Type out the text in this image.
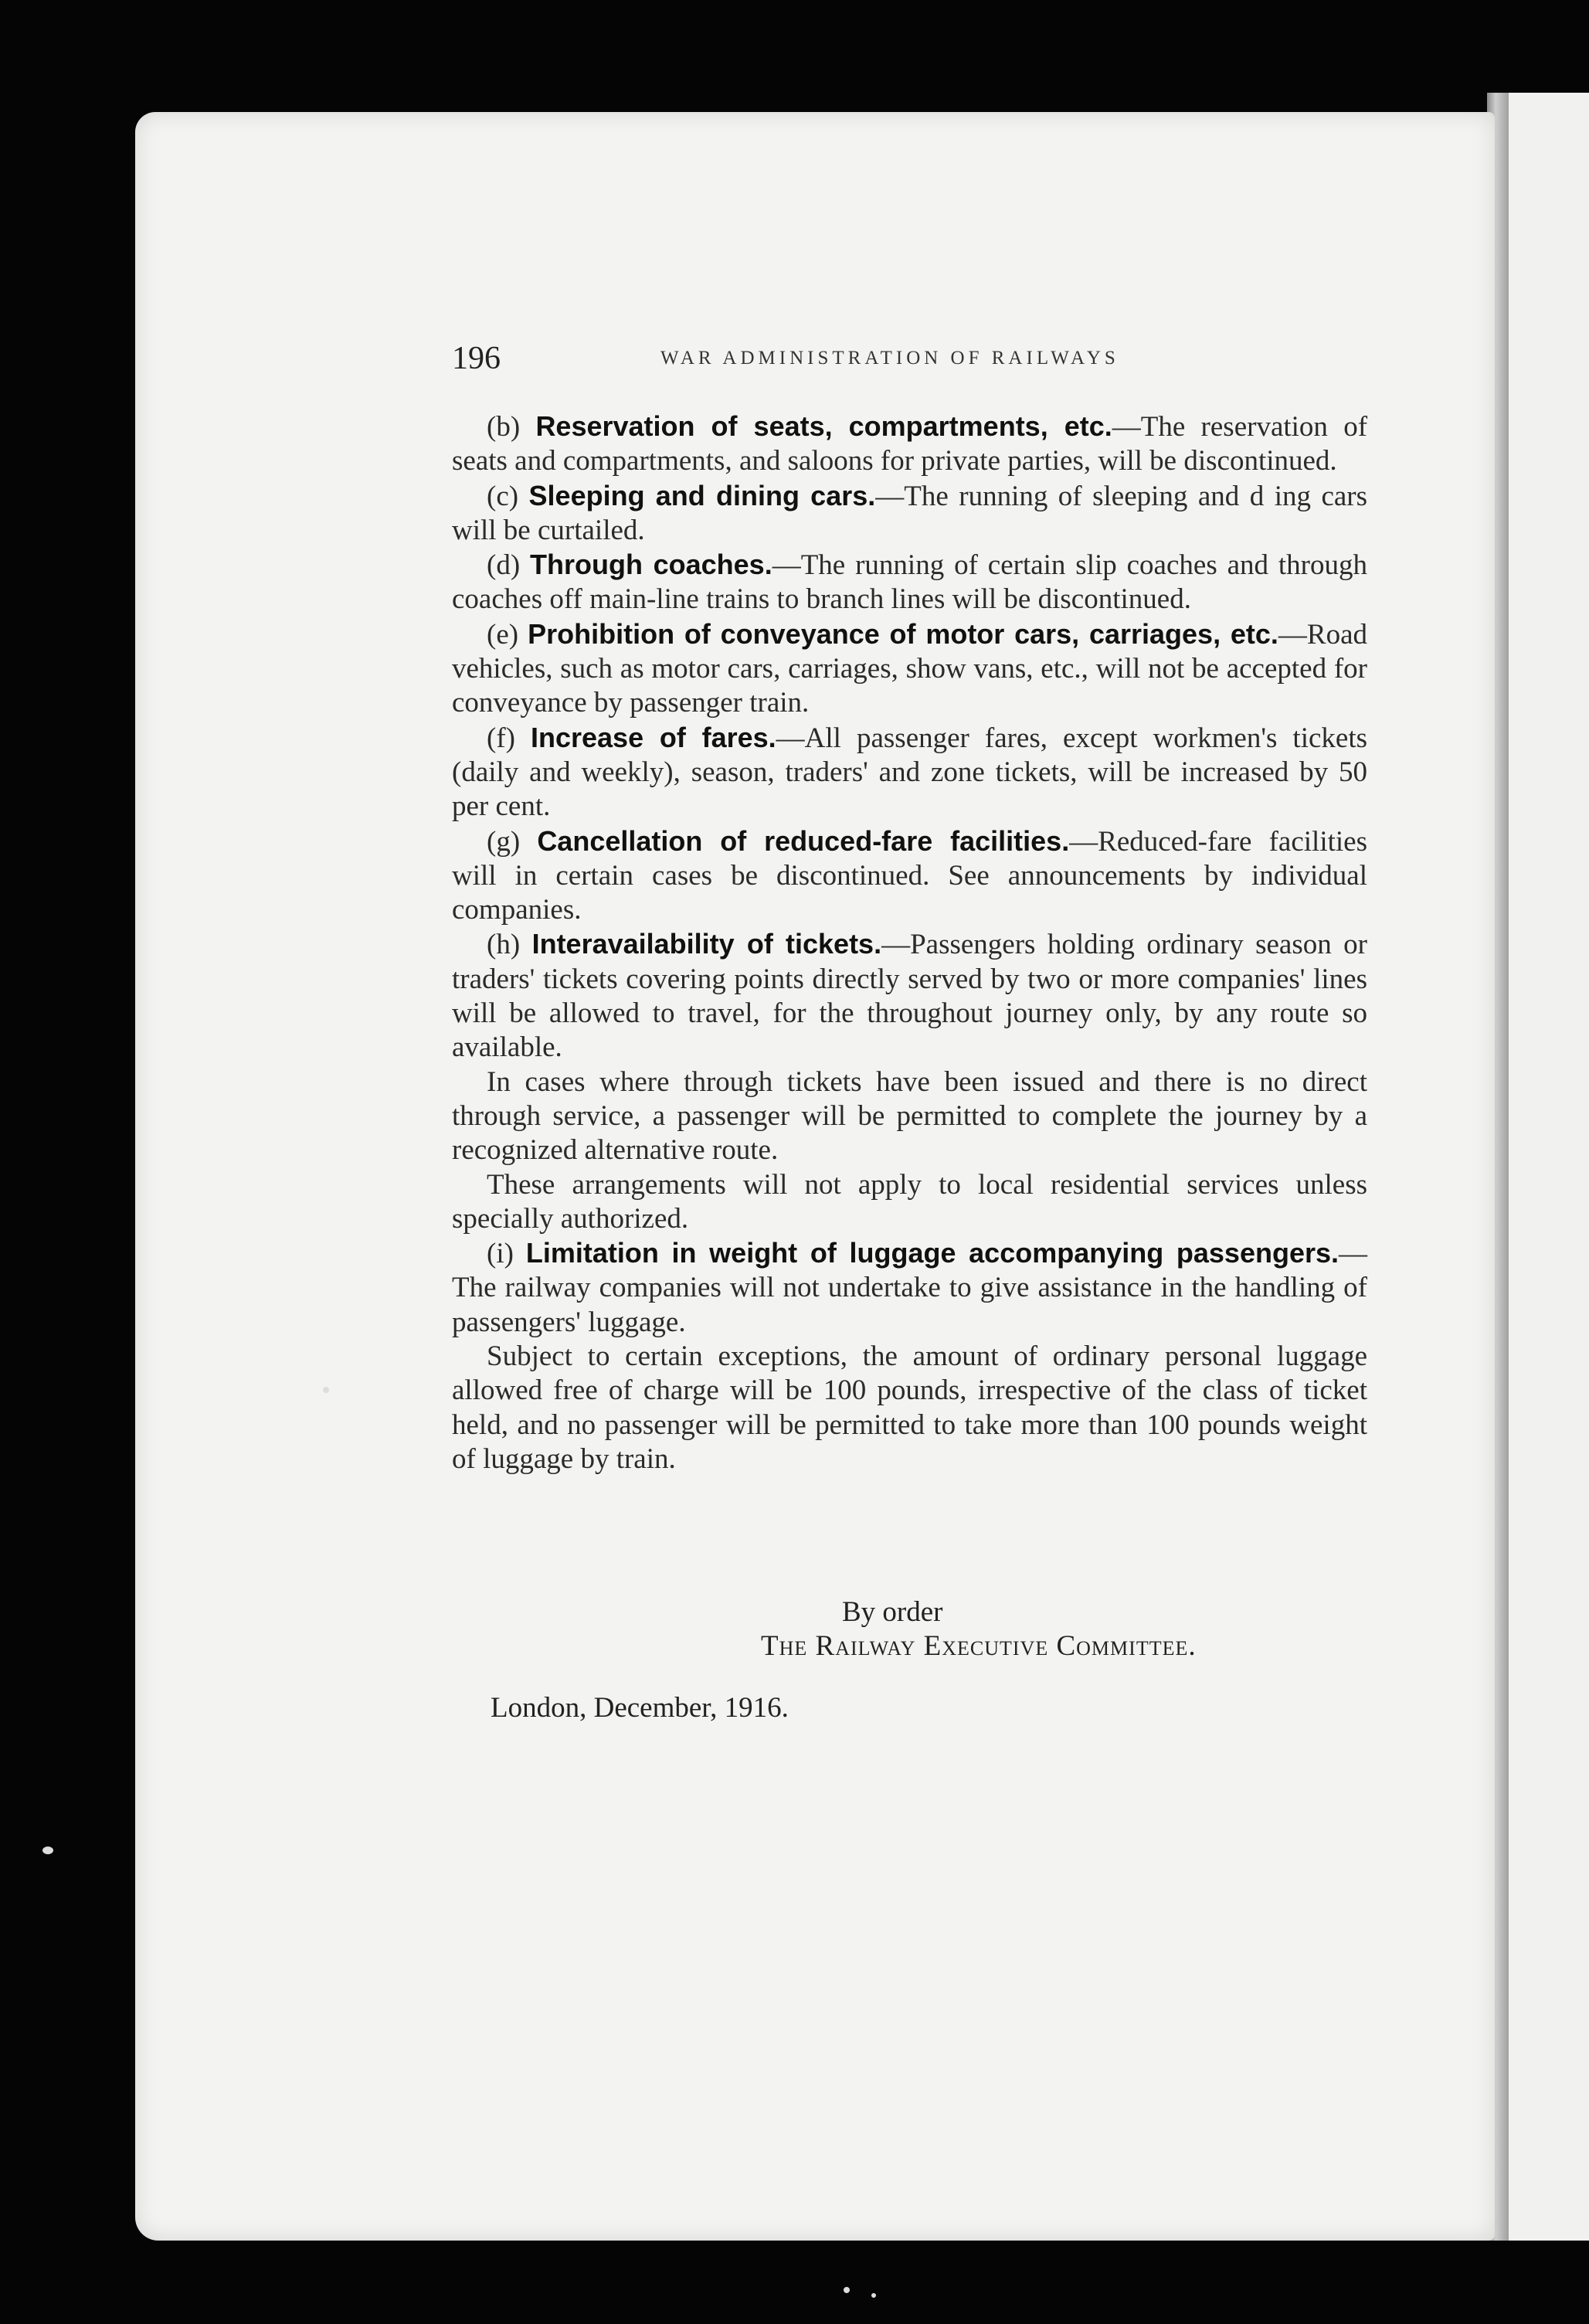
196	WAR ADMINISTRATION OF RAILWAYS

(b) Reservation of seats, compartments, etc.—The reservation of seats and compartments, and saloons for private parties, will be discontinued.

(c) Sleeping and dining cars.—The running of sleeping and d ing cars will be curtailed.

(d) Through coaches.—The running of certain slip coaches and through coaches off main-line trains to branch lines will be discontinued.

(e) Prohibition of conveyance of motor cars, carriages, etc.—Road vehicles, such as motor cars, carriages, show vans, etc., will not be accepted for conveyance by passenger train.

(f) Increase of fares.—All passenger fares, except workmen's tickets (daily and weekly), season, traders' and zone tickets, will be increased by 50 per cent.

(g) Cancellation of reduced-fare facilities.—Reduced-fare facilities will in certain cases be discontinued. See announcements by individual companies.

(h) Interavailability of tickets.—Passengers holding ordinary season or traders' tickets covering points directly served by two or more companies' lines will be allowed to travel, for the throughout journey only, by any route so available.

In cases where through tickets have been issued and there is no direct through service, a passenger will be permitted to complete the journey by a recognized alternative route.

These arrangements will not apply to local residential services unless specially authorized.

(i) Limitation in weight of luggage accompanying passengers.—The railway companies will not undertake to give assistance in the handling of passengers' luggage.

Subject to certain exceptions, the amount of ordinary personal luggage allowed free of charge will be 100 pounds, irrespective of the class of ticket held, and no passenger will be permitted to take more than 100 pounds weight of luggage by train.

By order
The Railway Executive Committee.
London, December, 1916.
